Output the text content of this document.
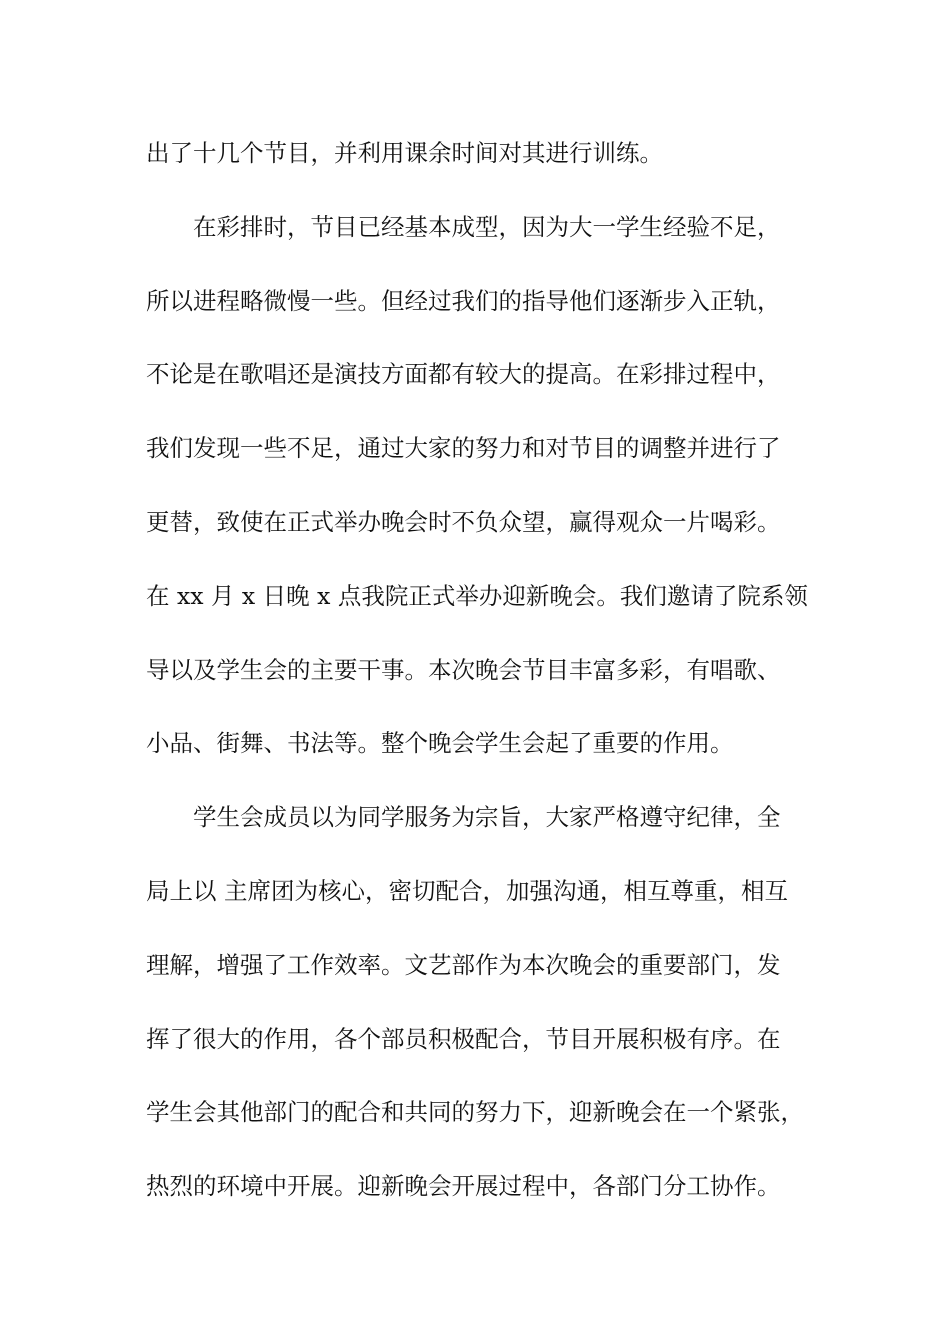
出了十几个节目，并利用课余时间对其进行训练。
在彩排时，节目已经基本成型，因为大一学生经验不足，
所以进程略微慢一些。但经过我们的指导他们逐渐步入正轨，
不论是在歌唱还是演技方面都有较大的提高。在彩排过程中，
我们发现一些不足，通过大家的努力和对节目的调整并进行了
更替，致使在正式举办晚会时不负众望，赢得观众一片喝彩。
在 xx 月 x 日晚 x 点我院正式举办迎新晚会。我们邀请了院系领
导以及学生会的主要干事。本次晚会节目丰富多彩，有唱歌、
小品、街舞、书法等。整个晚会学生会起了重要的作用。
学生会成员以为同学服务为宗旨，大家严格遵守纪律，全
局上以 主席团为核心，密切配合，加强沟通，相互尊重，相互
理解，增强了工作效率。文艺部作为本次晚会的重要部门，发
挥了很大的作用，各个部员积极配合，节目开展积极有序。在
学生会其他部门的配合和共同的努力下，迎新晚会在一个紧张，
热烈的环境中开展。迎新晚会开展过程中，各部门分工协作。
